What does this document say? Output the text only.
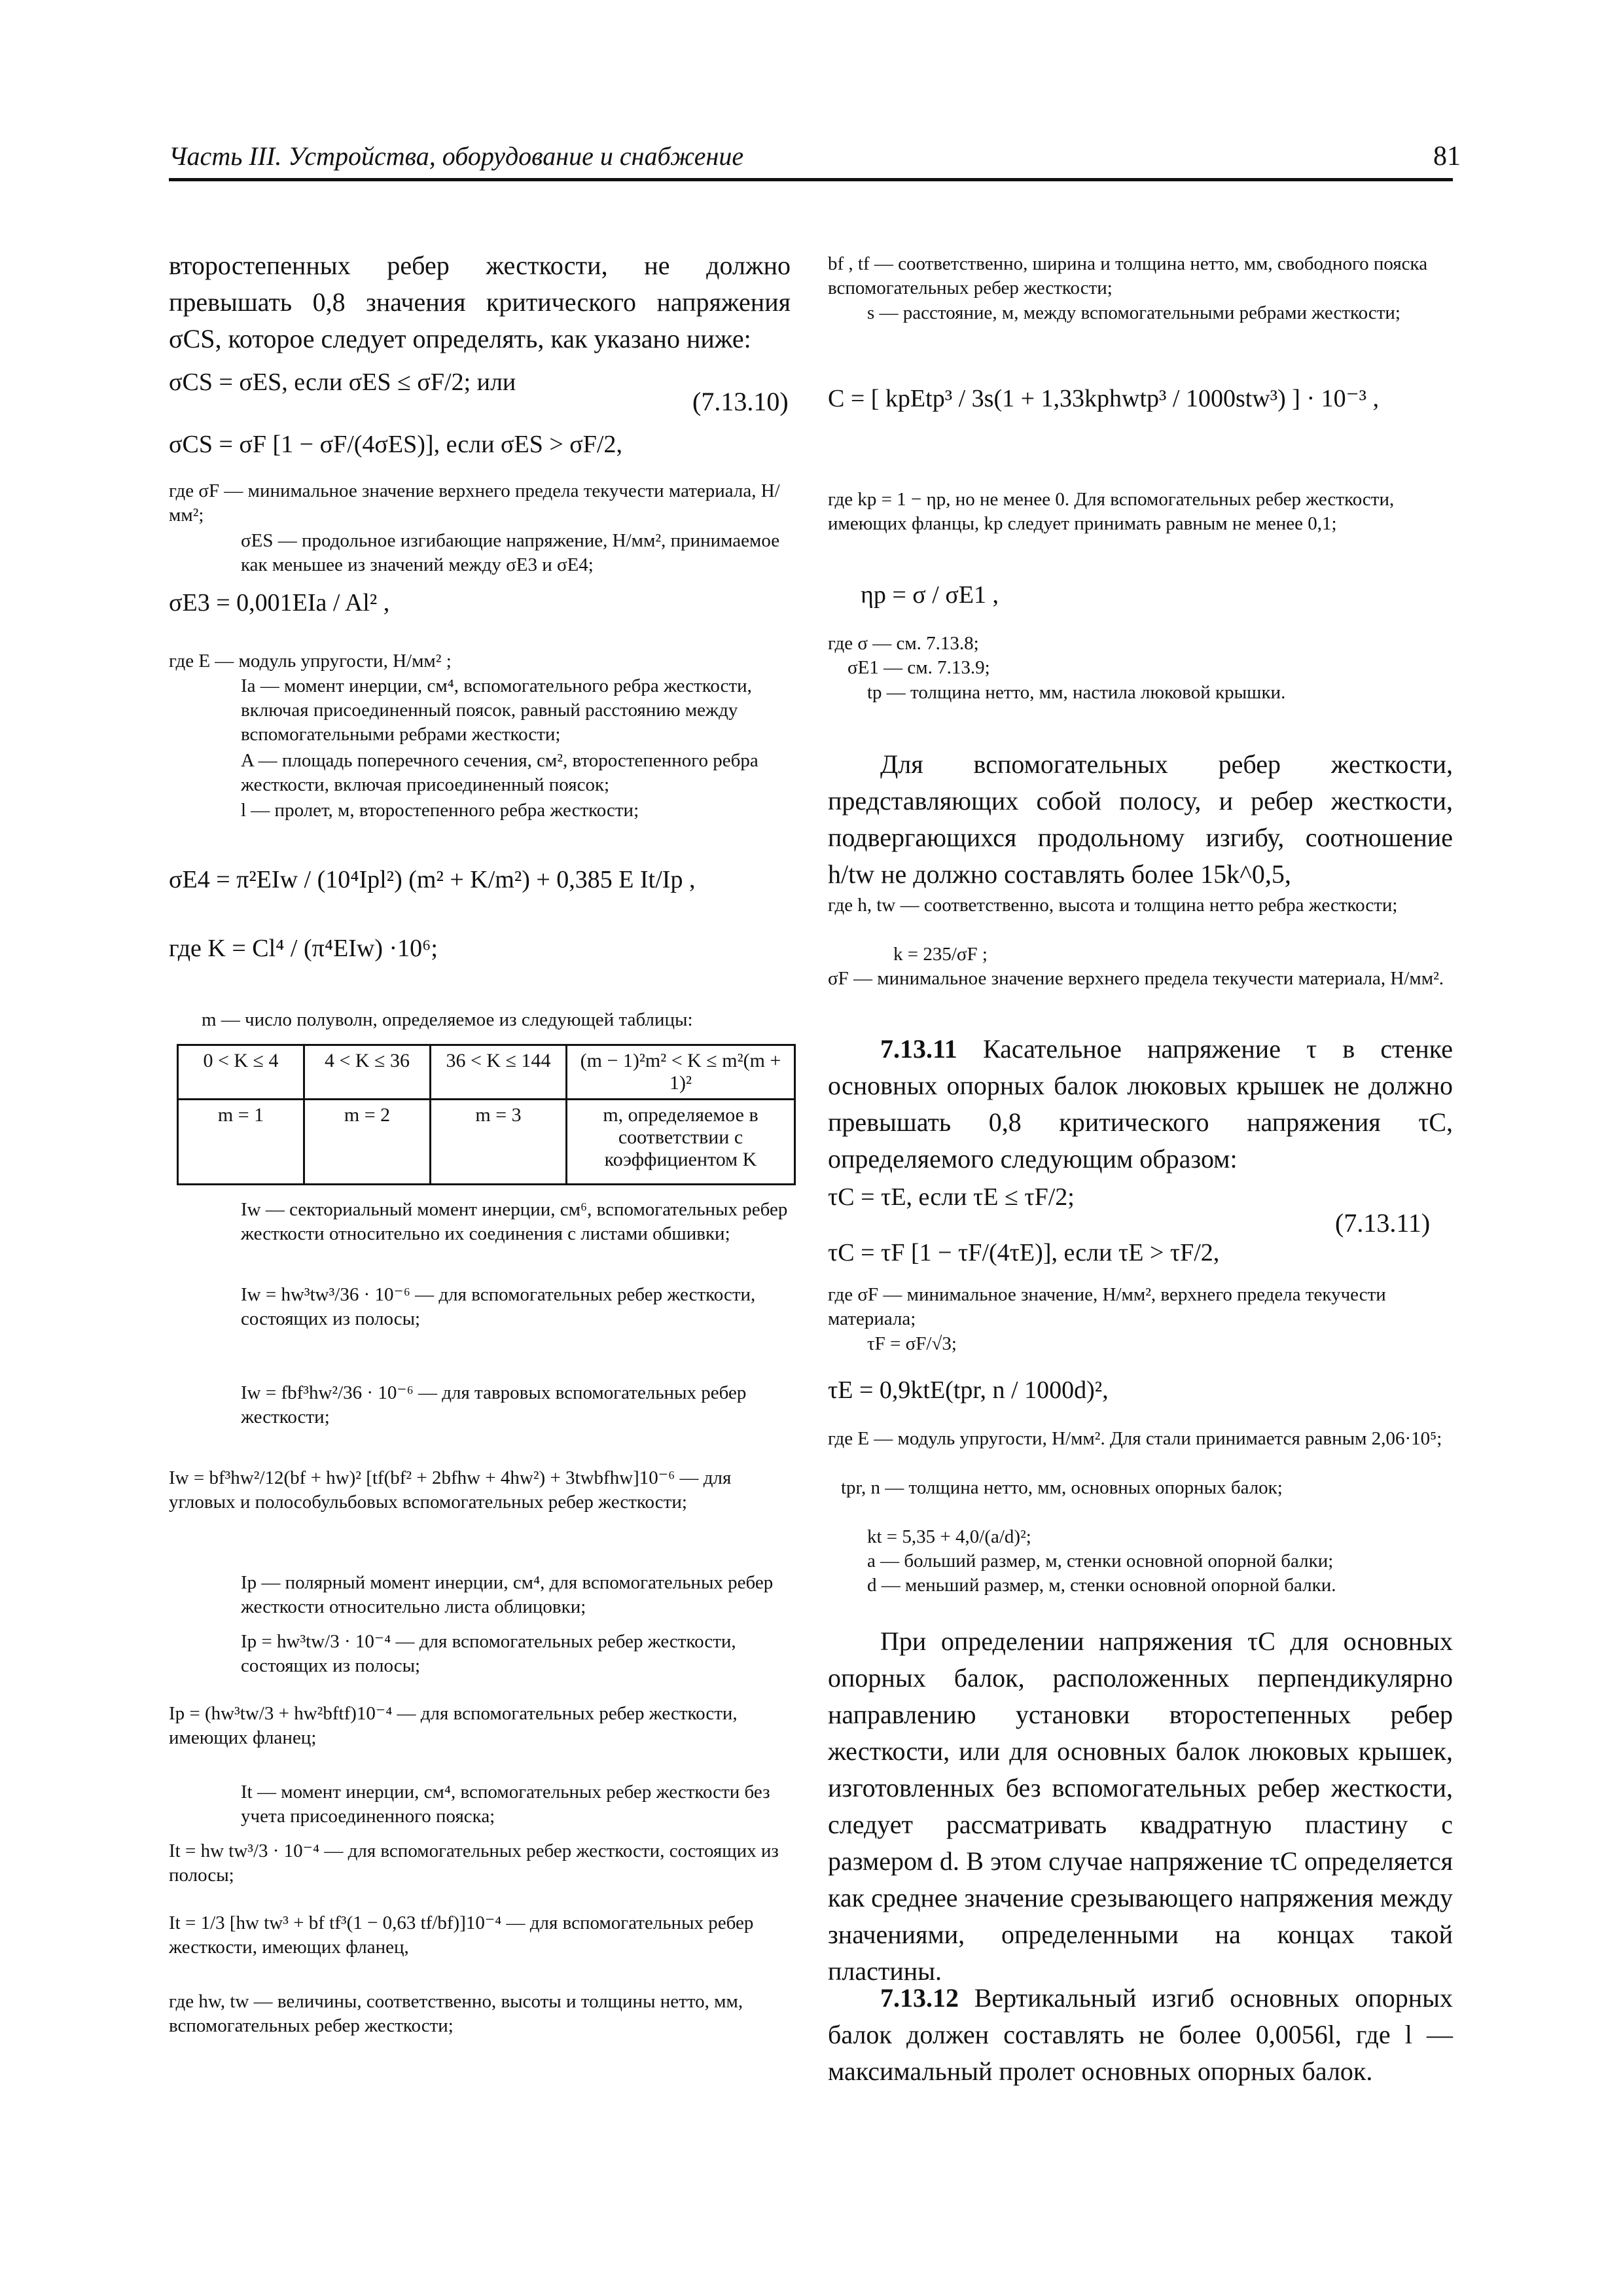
Часть III. Устройства, оборудование и снабжение	81

второстепенных ребер жесткости, не должно превышать 0,8 значения критического напряжения σCS, которое следует определять, как указано ниже:

σCS = σES, если σES ≤ σF/2; или

(7.13.10)

σCS = σF [1 − σF/(4σES)], если σES > σF/2,

где σF — минимальное значение верхнего предела текучести материала, Н/мм²;

σES — продольное изгибающие напряжение, Н/мм², принимаемое как меньшее из значений между σE3 и σE4;

σE3 = 0,001EIa / Al² ,

где E — модуль упругости, Н/мм² ;

Ia — момент инерции, см⁴, вспомогательного ребра жесткости, включая присоединенный поясок, равный расстоянию между вспомогательными ребрами жесткости;

A — площадь поперечного сечения, см², второстепенного ребра жесткости, включая присоединенный поясок;

l — пролет, м, второстепенного ребра жесткости;

σE4 = π²EIw / (10⁴Ipl²) (m² + K/m²) + 0,385 E It/Ip ,

где K = Cl⁴ / (π⁴EIw) ·10⁶;

m — число полуволн, определяемое из следующей таблицы:

0 < K ≤ 4	4 < K ≤ 36	36 < K ≤ 144	(m − 1)²m² < K ≤ m²(m + 1)²
m = 1	m = 2	m = 3	m, определяемое в соответствии с коэффициентом K

Iw — секториальный момент инерции, см⁶, вспомогательных ребер жесткости относительно их соединения с листами обшивки;

Iw = hw³tw³/36 · 10⁻⁶ — для вспомогательных ребер жесткости, состоящих из полосы;

Iw = fbf³hw²/36 · 10⁻⁶ — для тавровых вспомогательных ребер жесткости;

Iw = bf³hw²/12(bf + hw)² [tf(bf² + 2bfhw + 4hw²) + 3twbfhw]10⁻⁶ — для угловых и полособульбовых вспомогательных ребер жесткости;

Ip — полярный момент инерции, см⁴, для вспомогательных ребер жесткости относительно листа облицовки;

Ip = hw³tw/3 · 10⁻⁴ — для вспомогательных ребер жесткости, состоящих из полосы;

Ip = (hw³tw/3 + hw²bftf)10⁻⁴ — для вспомогательных ребер жесткости, имеющих фланец;

It — момент инерции, см⁴, вспомогательных ребер жесткости без учета присоединенного пояска;

It = hw tw³/3 · 10⁻⁴ — для вспомогательных ребер жесткости, состоящих из полосы;

It = 1/3 [hw tw³ + bf tf³(1 − 0,63 tf/bf)]10⁻⁴ — для вспомогательных ребер жесткости, имеющих фланец,

где hw, tw — величины, соответственно, высоты и толщины нетто, мм, вспомогательных ребер жесткости;

bf , tf — соответственно, ширина и толщина нетто, мм, свободного пояска вспомогательных ребер жесткости;

s — расстояние, м, между вспомогательными ребрами жесткости;

C = [ kpEtp³ / 3s(1 + 1,33kphwtp³ / 1000stw³) ] · 10⁻³ ,

где kp = 1 − ηp, но не менее 0. Для вспомогательных ребер жесткости, имеющих фланцы, kp следует принимать равным не менее 0,1;

ηp = σ / σE1 ,

где σ — см. 7.13.8;

σE1 — см. 7.13.9;

tp — толщина нетто, мм, настила люковой крышки.

Для вспомогательных ребер жесткости, представляющих собой полосу, и ребер жесткости, подвергающихся продольному изгибу, соотношение h/tw не должно составлять более 15k^0,5,

где h, tw — соответственно, высота и толщина нетто ребра жесткости;

k = 235/σF ;

σF — минимальное значение верхнего предела текучести материала, Н/мм².

7.13.11 Касательное напряжение τ в стенке основных опорных балок люковых крышек не должно превышать 0,8 критического напряжения τC, определяемого следующим образом:

τC = τE, если τE ≤ τF/2;

(7.13.11)

τC = τF [1 − τF/(4τE)], если τE > τF/2,

где σF — минимальное значение, Н/мм², верхнего предела текучести материала;

τF = σF/√3;

τE = 0,9ktE(tpr, n / 1000d)²,

где E — модуль упругости, Н/мм². Для стали принимается равным 2,06·10⁵;

tpr, n — толщина нетто, мм, основных опорных балок;

kt = 5,35 + 4,0/(a/d)²;

a — больший размер, м, стенки основной опорной балки;

d — меньший размер, м, стенки основной опорной балки.

При определении напряжения τC для основных опорных балок, расположенных перпендикулярно направлению установки второстепенных ребер жесткости, или для основных балок люковых крышек, изготовленных без вспомогательных ребер жесткости, следует рассматривать квадратную пластину с размером d. В этом случае напряжение τC определяется как среднее значение срезывающего напряжения между значениями, определенными на концах такой пластины.

7.13.12 Вертикальный изгиб основных опорных балок должен составлять не более 0,0056l, где l — максимальный пролет основных опорных балок.
